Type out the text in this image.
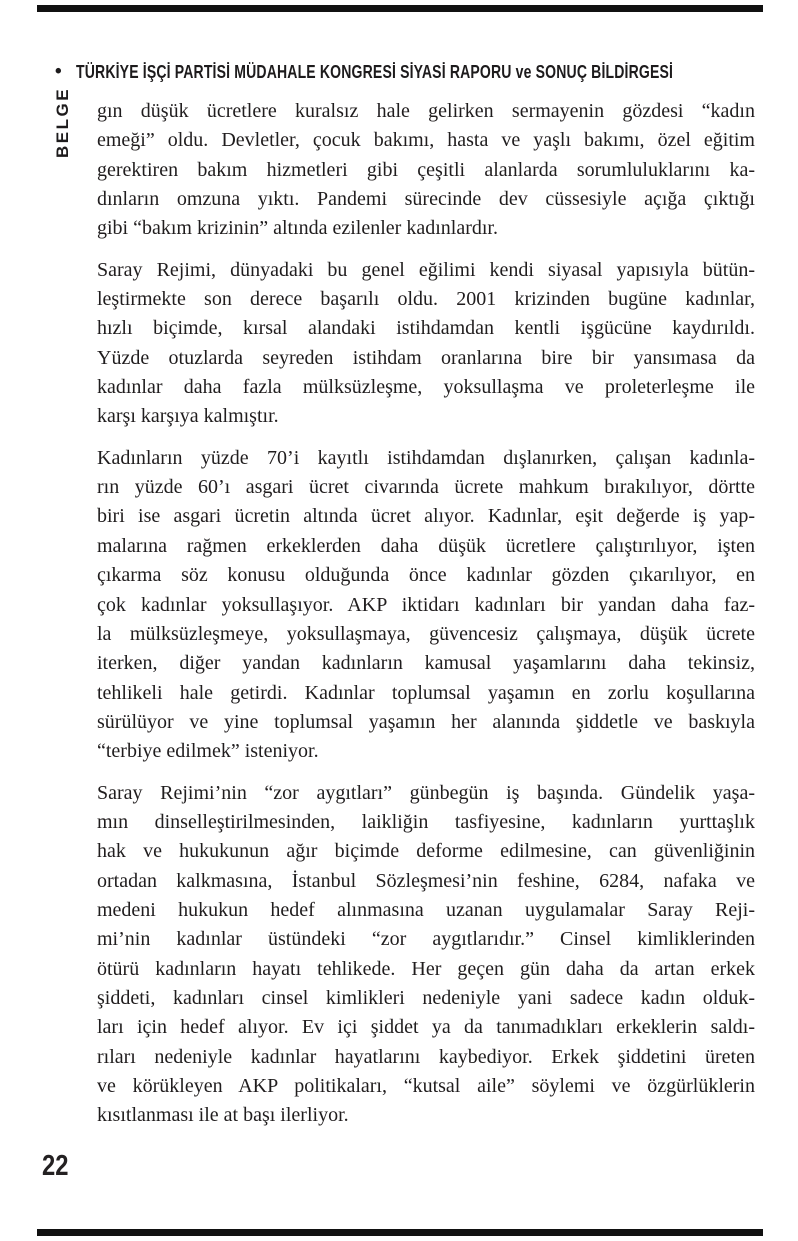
• TÜRKİYE İŞÇİ PARTİSİ MÜDAHALE KONGRESİ SİYASİ RAPORU ve SONUÇ BİLDİRGESİ
BELGE gın düşük ücretlere kuralsız hale gelirken sermayenin gözdesi “kadın
emeği” oldu. Devletler, çocuk bakımı, hasta ve yaşlı bakımı, özel eğitim
gerektiren bakım hizmetleri gibi çeşitli alanlarda sorumluluklarını ka-
dınların omzuna yıktı. Pandemi sürecinde dev cüssesiyle açığa çıktığı
gibi “bakım krizinin” altında ezilenler kadınlardır.
Saray Rejimi, dünyadaki bu genel eğilimi kendi siyasal yapısıyla bütün-
leştirmekte son derece başarılı oldu. 2001 krizinden bugüne kadınlar,
hızlı biçimde, kırsal alandaki istihdamdan kentli işgücüne kaydırıldı.
Yüzde otuzlarda seyreden istihdam oranlarına bire bir yansımasa da
kadınlar daha fazla mülksüzleşme, yoksullaşma ve proleterleşme ile
karşı karşıya kalmıştır.
Kadınların yüzde 70’i kayıtlı istihdamdan dışlanırken, çalışan kadınla-
rın yüzde 60’ı asgari ücret civarında ücrete mahkum bırakılıyor, dörtte
biri ise asgari ücretin altında ücret alıyor. Kadınlar, eşit değerde iş yap-
malarına rağmen erkeklerden daha düşük ücretlere çalıştırılıyor, işten
çıkarma söz konusu olduğunda önce kadınlar gözden çıkarılıyor, en
çok kadınlar yoksullaşıyor. AKP iktidarı kadınları bir yandan daha faz-
la mülksüzleşmeye, yoksullaşmaya, güvencesiz çalışmaya, düşük ücrete
iterken, diğer yandan kadınların kamusal yaşamlarını daha tekinsiz,
tehlikeli hale getirdi. Kadınlar toplumsal yaşamın en zorlu koşullarına
sürülüyor ve yine toplumsal yaşamın her alanında şiddetle ve baskıyla
“terbiye edilmek” isteniyor.
Saray Rejimi’nin “zor aygıtları” günbegün iş başında. Gündelik yaşa-
mın dinselleştirilmesinden, laikliğin tasfiyesine, kadınların yurttaşlık
hak ve hukukunun ağır biçimde deforme edilmesine, can güvenliğinin
ortadan kalkmasına, İstanbul Sözleşmesi’nin feshine, 6284, nafaka ve
medeni hukukun hedef alınmasına uzanan uygulamalar Saray Reji-
mi’nin kadınlar üstündeki “zor aygıtlarıdır.” Cinsel kimliklerinden
ötürü kadınların hayatı tehlikede. Her geçen gün daha da artan erkek
şiddeti, kadınları cinsel kimlikleri nedeniyle yani sadece kadın olduk-
ları için hedef alıyor. Ev içi şiddet ya da tanımadıkları erkeklerin saldı-
rıları nedeniyle kadınlar hayatlarını kaybediyor. Erkek şiddetini üreten
ve körükleyen AKP politikaları, “kutsal aile” söylemi ve özgürlüklerin
kısıtlanması ile at başı ilerliyor.
22
